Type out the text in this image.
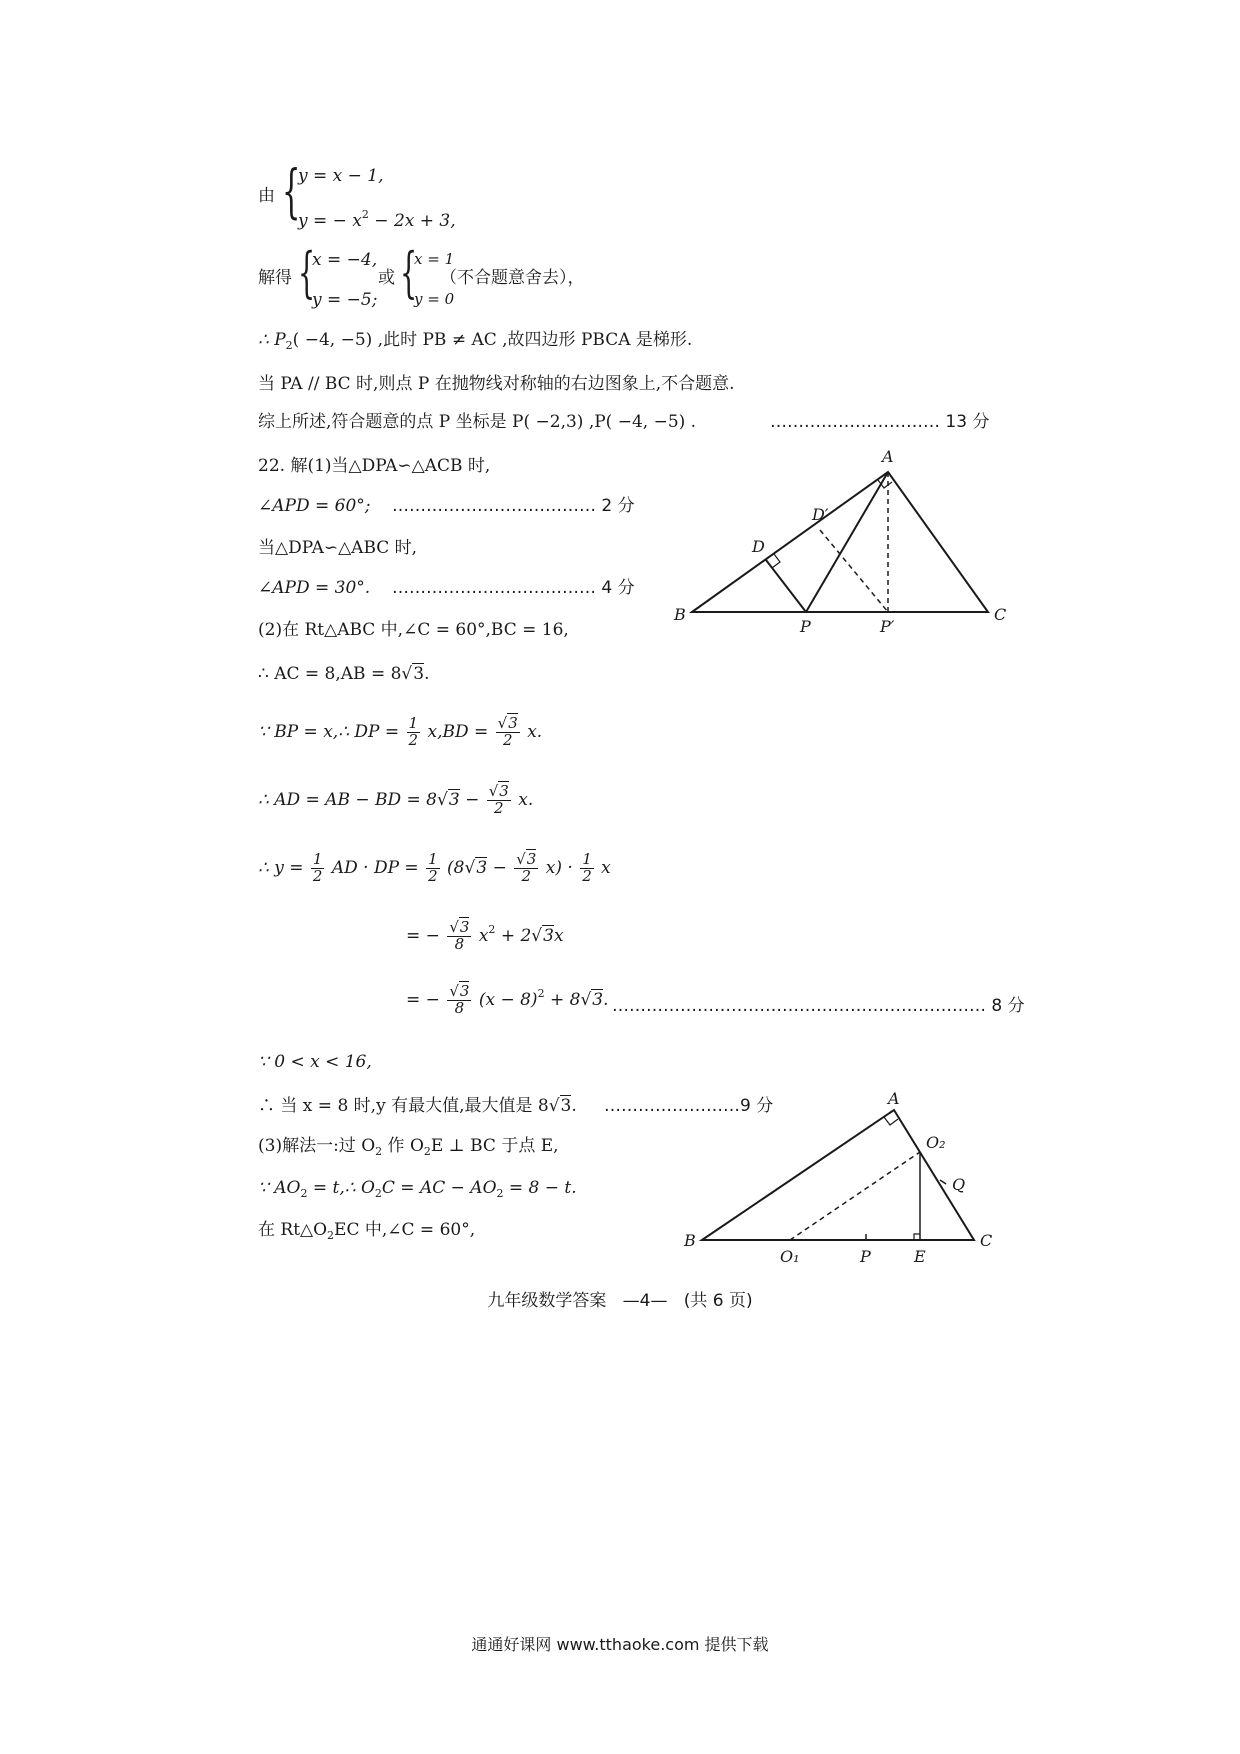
由 {
y = x − 1,
y = − $x^2 - 2x + 3$,
解得 {
x = −4,
y = −5;
或 {
x = 1
y = 0
（不合题意舍去），
∴ $P_2( -4$, −5) ,此时 PB ≠ AC ,故四边形 PBCA 是梯形.
当 PA // BC 时,则点 P 在抛物线对称轴的右边图象上,不合题意.
综上所述,符合题意的点 P 坐标是 P( −2,3) ,P( −4, −5) .	………………………… 13 分
22. 解(1)当△DPA∽△ACB 时,
∠APD = 60°; ……………………………… 2 分
当△DPA∽△ABC 时,
∠APD = 30°. ……………………………… 4 分
(2)在 Rt△ABC 中,∠C = 60°,BC = 16,
∴ AC = 8,AB = 8√3.
∵ BP = x,∴ DP = $\frac{1}{2} x,BD = \frac{√3}{2} x$.
∴ AD = AB − BD = $8√3 - \frac{√3}{2} x$.
∴ $y = \frac{1}{2}$ AD · DP = $\frac{1}{2} (8√3 - \frac{√3}{2} x) \cdot \frac{1}{2}$ x
= − $\frac{√3}{8} x^2 + 2√3x$
= − $\frac{√3}{8} (x - 8)^2 + 8√3$. ………………………………………………………… 8 分
∵ 0 < x < 16,
∴ 当 x = 8 时,y 有最大值,最大值是 8√3. ……………………9 分
(3)解法一:过 $O_2$ 作 $O_2E$ ⊥ BC 于点 E,
∵ $AO_2$ = t,∴ $O_2C$ = AC − $AO_2 = 8 - t$.
在 $Rt\triangle O_2EC$ 中,∠C = 60°,
A
D′
D
B
P	P′
C
A
O₂
Q
B
O₁	P	E
C
九年级数学答案 —4— (共 6 页)
通通好课网 www.tthaoke.com 提供下载
